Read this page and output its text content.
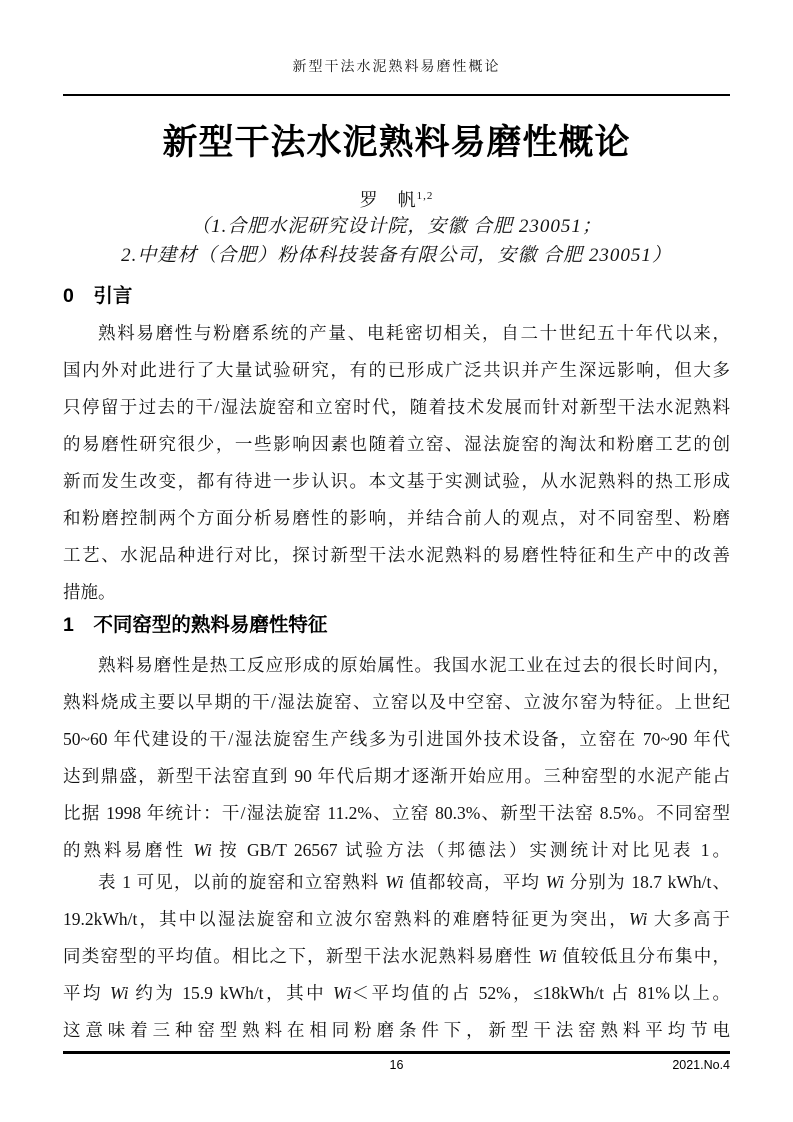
新型干法水泥熟料易磨性概论
新型干法水泥熟料易磨性概论
罗　帆$^{1,2}$
（1.合肥水泥研究设计院，安徽 合肥 230051；
2.中建材（合肥）粉体科技装备有限公司，安徽 合肥 230051）
0　引言
熟料易磨性与粉磨系统的产量、电耗密切相关，自二十世纪五十年代以来，
国内外对此进行了大量试验研究，有的已形成广泛共识并产生深远影响，但大多
只停留于过去的干/湿法旋窑和立窑时代，随着技术发展而针对新型干法水泥熟料
的易磨性研究很少，一些影响因素也随着立窑、湿法旋窑的淘汰和粉磨工艺的创
新而发生改变，都有待进一步认识。本文基于实测试验，从水泥熟料的热工形成
和粉磨控制两个方面分析易磨性的影响，并结合前人的观点，对不同窑型、粉磨
工艺、水泥品种进行对比，探讨新型干法水泥熟料的易磨性特征和生产中的改善
措施。
1　不同窑型的熟料易磨性特征
熟料易磨性是热工反应形成的原始属性。我国水泥工业在过去的很长时间内，
熟料烧成主要以早期的干/湿法旋窑、立窑以及中空窑、立波尔窑为特征。上世纪
50~60 年代建设的干/湿法旋窑生产线多为引进国外技术设备，立窑在 70~90 年代
达到鼎盛，新型干法窑直到 90 年代后期才逐渐开始应用。三种窑型的水泥产能占
比据 1998 年统计：干/湿法旋窑 11.2%、立窑 80.3%、新型干法窑 8.5%。不同窑型
的熟料易磨性 Wi 按 GB/T 26567 试验方法（邦德法）实测统计对比见表 1。
表 1 可见，以前的旋窑和立窑熟料 Wi 值都较高，平均 Wi 分别为 18.7 kWh/t、
19.2kWh/t，其中以湿法旋窑和立波尔窑熟料的难磨特征更为突出，Wi 大多高于
同类窑型的平均值。相比之下，新型干法水泥熟料易磨性 Wi 值较低且分布集中，
平均 Wi 约为 15.9 kWh/t，其中 Wi＜平均值的占 52%，≤18kWh/t 占 81%以上。
这意味着三种窑型熟料在相同粉磨条件下，新型干法窑熟料平均节电
16	2021.No.4
